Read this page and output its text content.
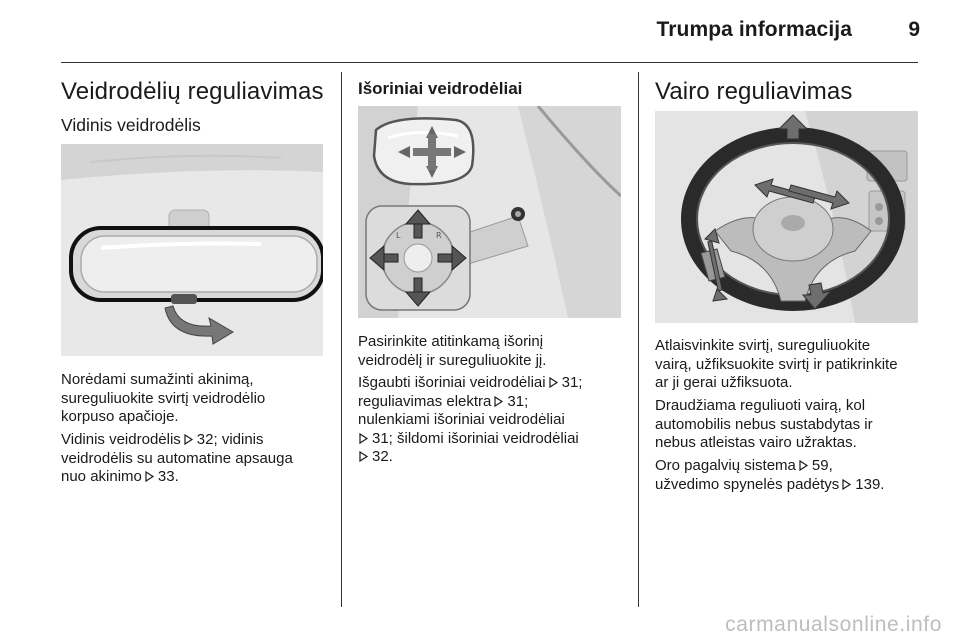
Trumpa informacija	9
Veidrodėlių reguliavimas
Vidinis veidrodėlis
Norėdami sumažinti akinimą,
sureguliuokite svirtį veidrodėlio
korpuso apačioje.
Vidinis veidrodėlis 32; vidinis
veidrodėlis su automatine apsauga
nuo akinimo 33.
Išoriniai veidrodėliai
L	R
Pasirinkite atitinkamą išorinį
veidrodėlį ir sureguliuokite jį.
Išgaubti išoriniai veidrodėliai 31;
reguliavimas elektra 31;
nulenkiami išoriniai veidrodėliai
31; šildomi išoriniai veidrodėliai
32.
Vairo reguliavimas
Atlaisvinkite svirtį, sureguliuokite
vairą, užfiksuokite svirtį ir patikrinkite
ar ji gerai užfiksuota.
Draudžiama reguliuoti vairą, kol
automobilis nebus sustabdytas ir
nebus atleistas vairo užraktas.
Oro pagalvių sistema 59,
užvedimo spynelės padėtys 139.
carmanualsonline.info
